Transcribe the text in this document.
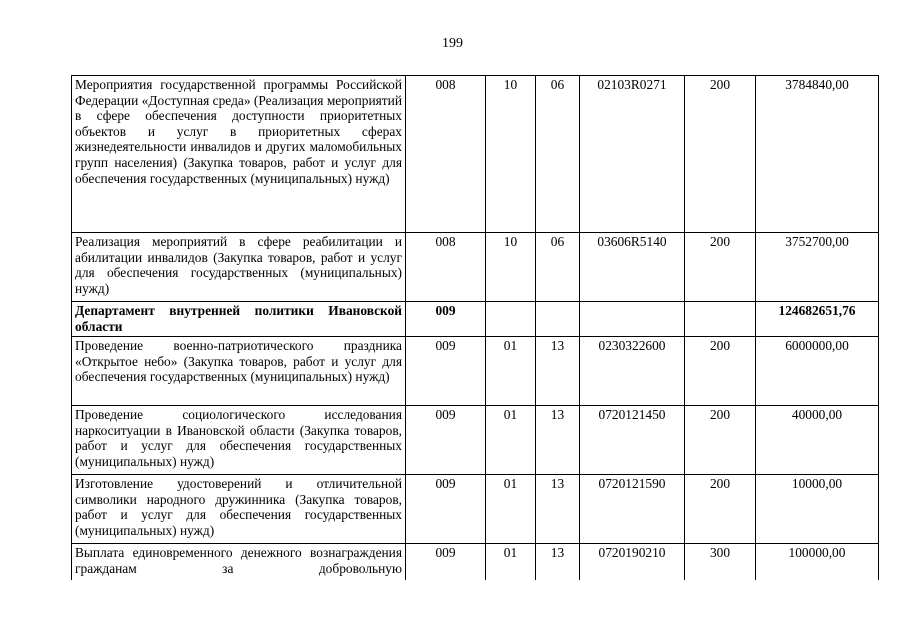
199
Мероприятия государственной программы Российской Федерации «Доступная среда» (Реализация мероприятий в сфере обеспечения доступности приоритетных объектов и услуг в приоритетных сферах жизнедеятельности инвалидов и других маломобильных групп населения) (Закупка товаров, работ и услуг для обеспечения государственных (муниципальных) нужд)	008	10	06	02103R0271	200	3784840,00
Реализация мероприятий в сфере реабилитации и абилитации инвалидов (Закупка товаров, работ и услуг для обеспечения государственных (муниципальных) нужд)	008	10	06	03606R5140	200	3752700,00
Департамент внутренней политики Ивановской области	009					124682651,76
Проведение военно-патриотического праздника «Открытое небо» (Закупка товаров, работ и услуг для обеспечения государственных (муниципальных) нужд)	009	01	13	0230322600	200	6000000,00
Проведение социологического исследования наркоситуации в Ивановской области (Закупка товаров, работ и услуг для обеспечения государственных (муниципальных) нужд)	009	01	13	0720121450	200	40000,00
Изготовление удостоверений и отличительной символики народного дружинника (Закупка товаров, работ и услуг для обеспечения государственных (муниципальных) нужд)	009	01	13	0720121590	200	10000,00
Выплата единовременного денежного вознаграждения гражданам за добровольную	009	01	13	0720190210	300	100000,00
